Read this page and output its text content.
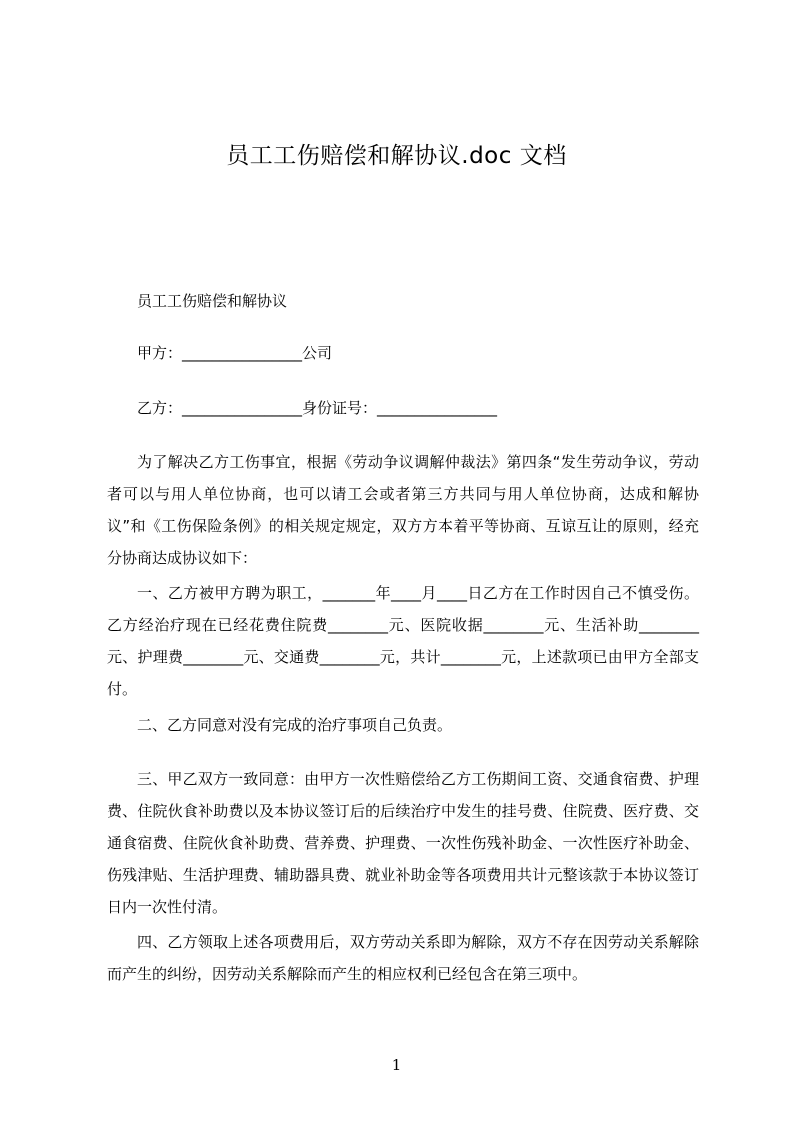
员工工伤赔偿和解协议.doc 文档

员工工伤赔偿和解协议

甲方：________________公司

乙方：________________身份证号：________________

为了解决乙方工伤事宜，根据《劳动争议调解仲裁法》第四条“发生劳动争议，劳动者可以与用人单位协商，也可以请工会或者第三方共同与用人单位协商，达成和解协议”和《工伤保险条例》的相关规定规定，双方方本着平等协商、互谅互让的原则，经充分协商达成协议如下：

一、乙方被甲方聘为职工，_______年____月____日乙方在工作时因自己不慎受伤。乙方经治疗现在已经花费住院费________元、医院收据________元、生活补助________元、护理费________元、交通费________元，共计________元，上述款项已由甲方全部支付。

二、乙方同意对没有完成的治疗事项自己负责。

三、甲乙双方一致同意：由甲方一次性赔偿给乙方工伤期间工资、交通食宿费、护理费、住院伙食补助费以及本协议签订后的后续治疗中发生的挂号费、住院费、医疗费、交通食宿费、住院伙食补助费、营养费、护理费、一次性伤残补助金、一次性医疗补助金、伤残津贴、生活护理费、辅助器具费、就业补助金等各项费用共计元整该款于本协议签订日内一次性付清。

四、乙方领取上述各项费用后，双方劳动关系即为解除，双方不存在因劳动关系解除而产生的纠纷，因劳动关系解除而产生的相应权利已经包含在第三项中。

1
